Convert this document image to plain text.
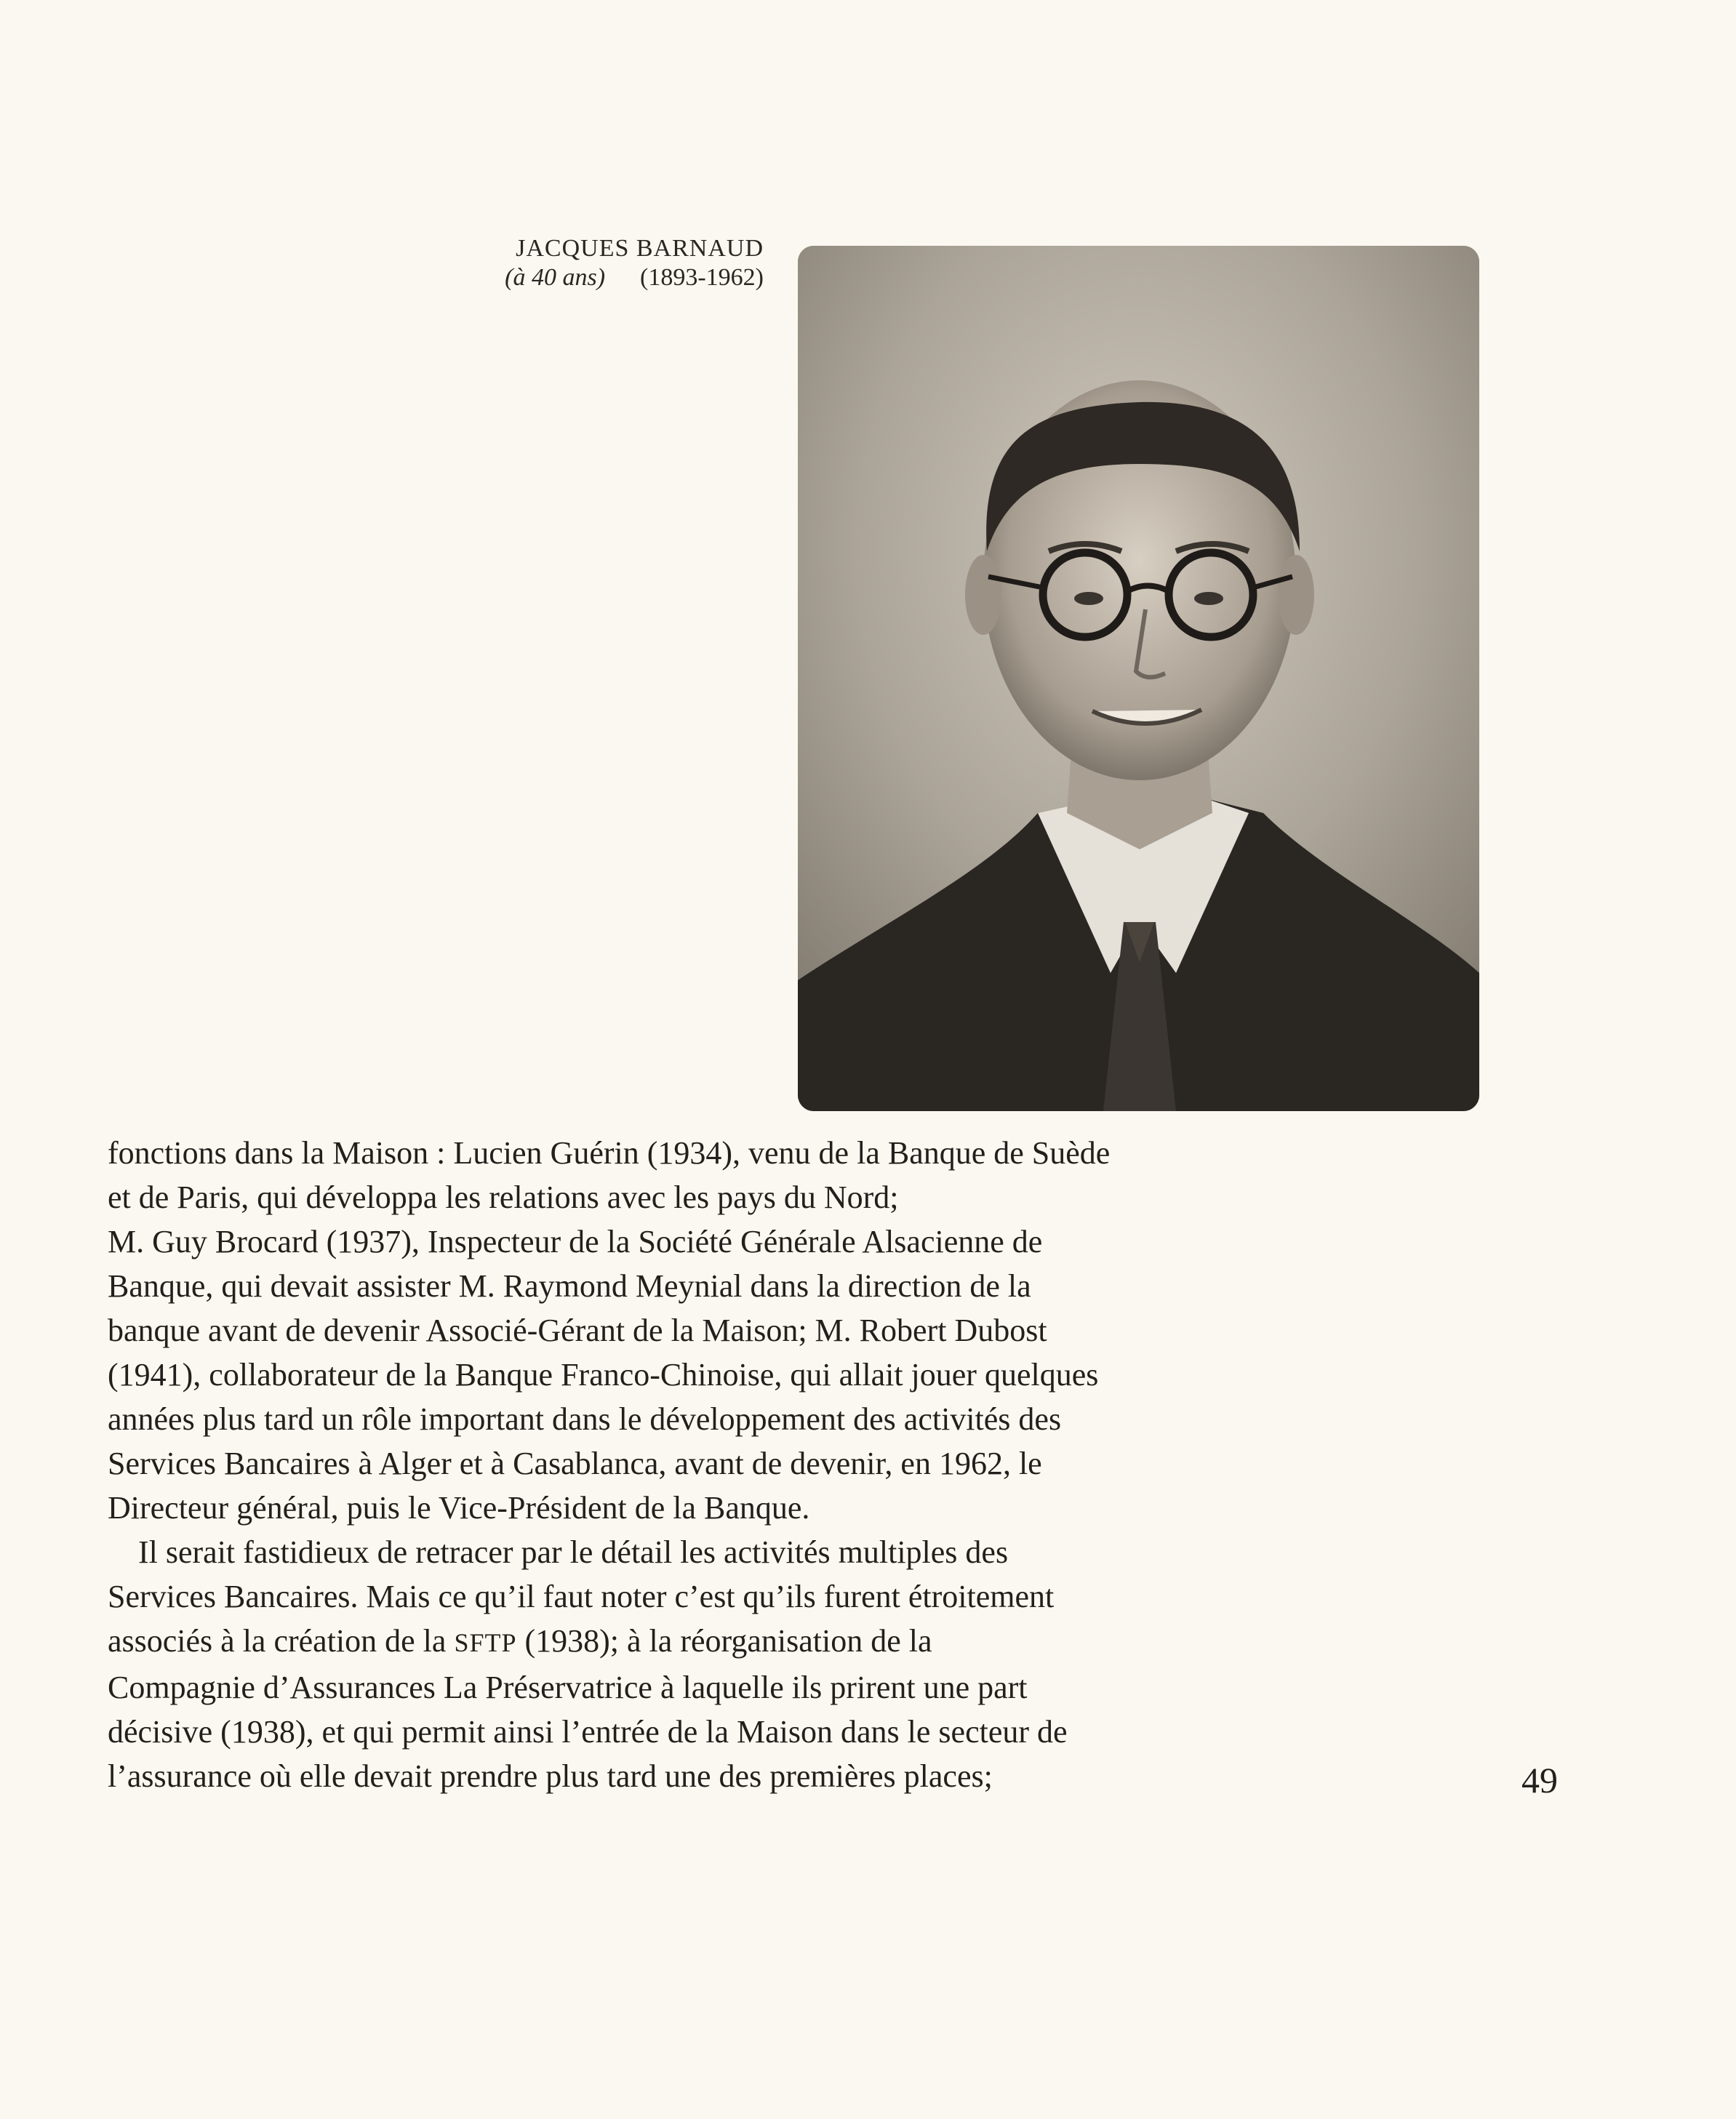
JACQUES BARNAUD
(à 40 ans) (1893-1962)

fonctions dans la Maison : Lucien Guérin (1934), venu de la Banque de Suède
et de Paris, qui développa les relations avec les pays du Nord;
M. Guy Brocard (1937), Inspecteur de la Société Générale Alsacienne de
Banque, qui devait assister M. Raymond Meynial dans la direction de la
banque avant de devenir Associé-Gérant de la Maison; M. Robert Dubost
(1941), collaborateur de la Banque Franco-Chinoise, qui allait jouer quelques
années plus tard un rôle important dans le développement des activités des
Services Bancaires à Alger et à Casablanca, avant de devenir, en 1962, le
Directeur général, puis le Vice-Président de la Banque.

Il serait fastidieux de retracer par le détail les activités multiples des
Services Bancaires. Mais ce qu’il faut noter c’est qu’ils furent étroitement
associés à la création de la SFTP (1938); à la réorganisation de la
Compagnie d’Assurances La Préservatrice à laquelle ils prirent une part
décisive (1938), et qui permit ainsi l’entrée de la Maison dans le secteur de
l’assurance où elle devait prendre plus tard une des premières places;	49
